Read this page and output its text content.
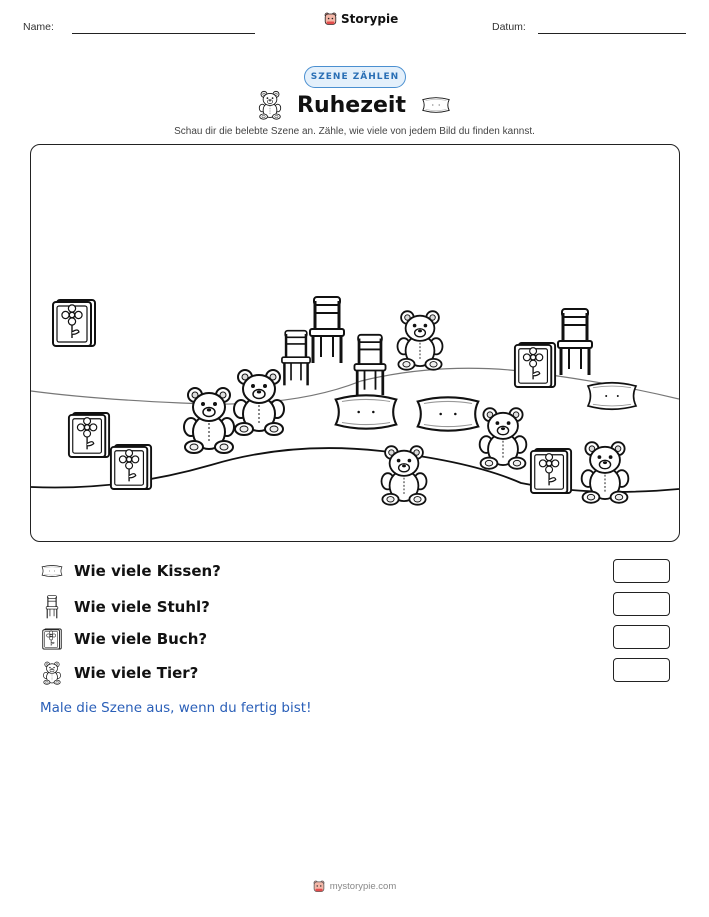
Name:
Storypie
Datum:
SZENE ZÄHLEN
Ruhezeit
Schau dir die belebte Szene an. Zähle, wie viele von jedem Bild du finden kannst.
Wie viele Kissen?
Wie viele Stuhl?
Wie viele Buch?
Wie viele Tier?
Male die Szene aus, wenn du fertig bist!
mystorypie.com
